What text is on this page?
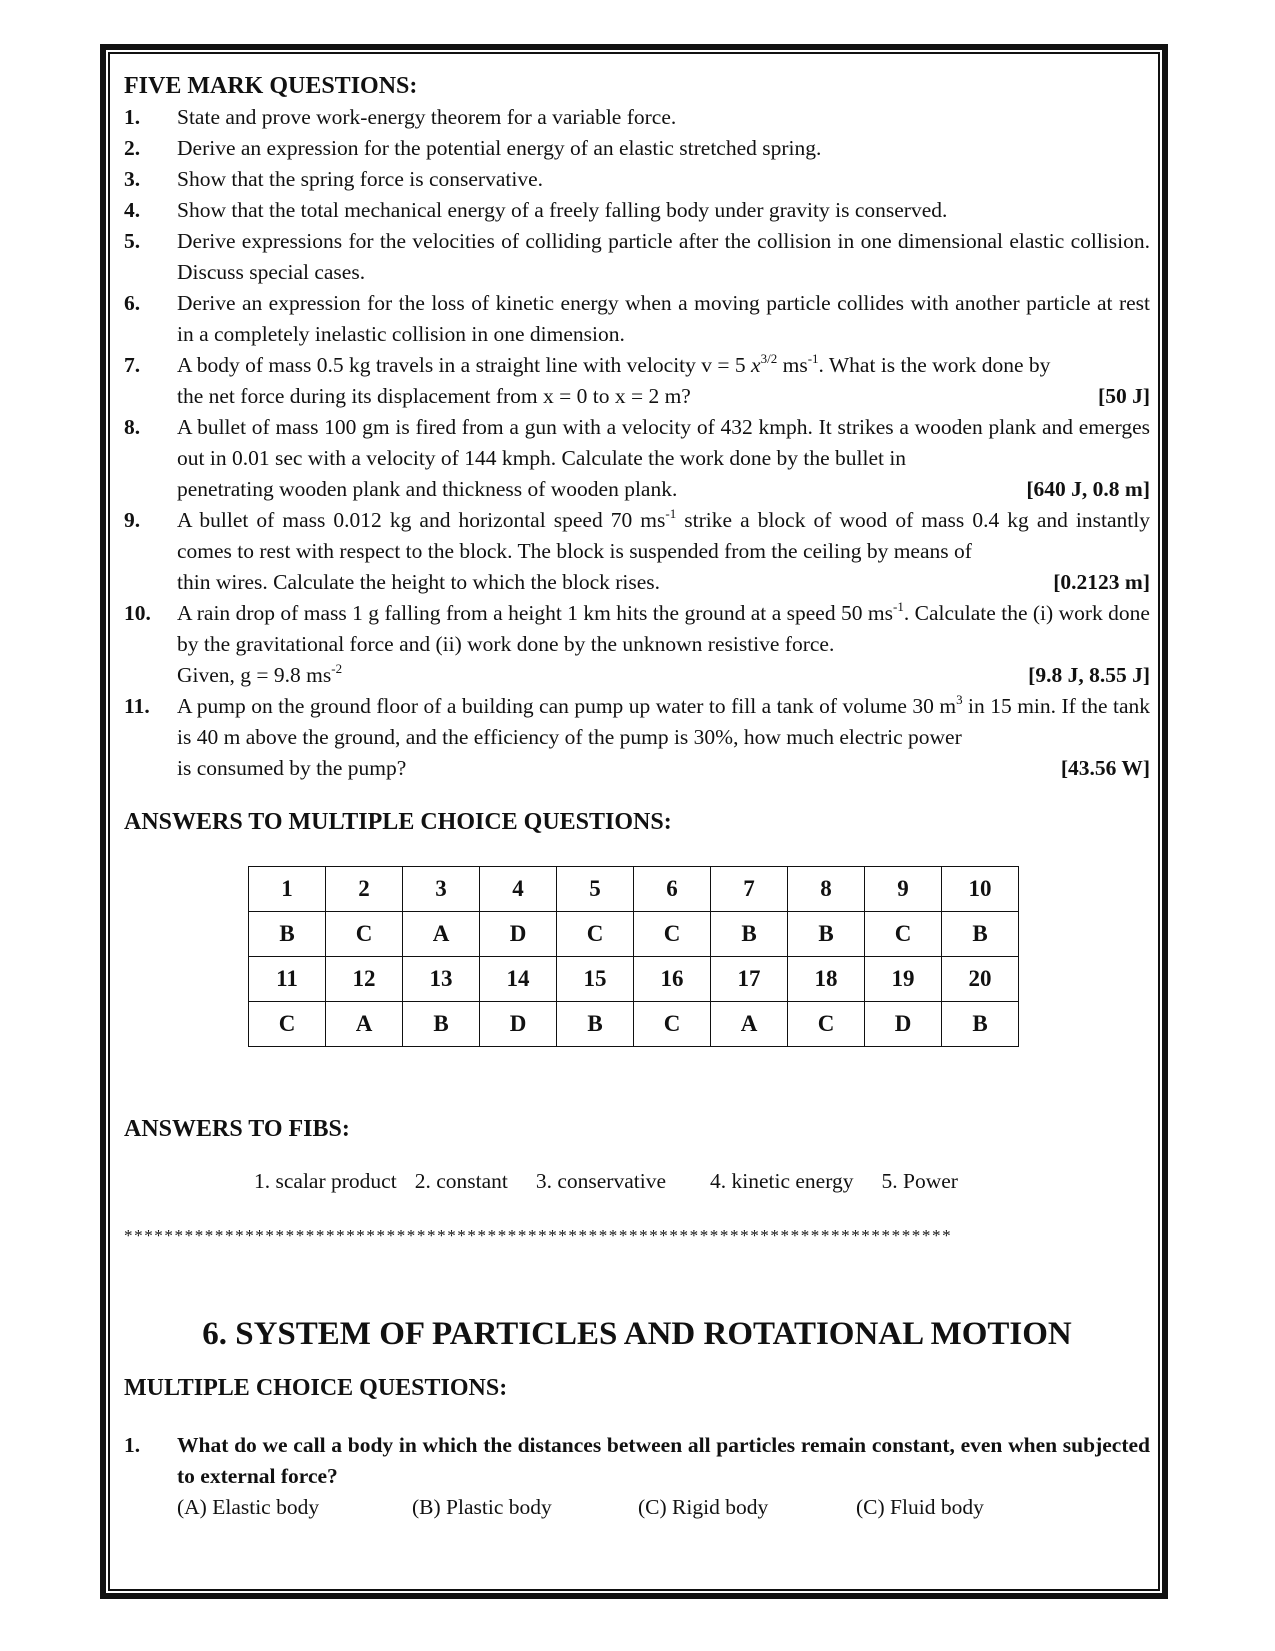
FIVE MARK QUESTIONS:
1. State and prove work-energy theorem for a variable force.
2. Derive an expression for the potential energy of an elastic stretched spring.
3. Show that the spring force is conservative.
4. Show that the total mechanical energy of a freely falling body under gravity is conserved.
5. Derive expressions for the velocities of colliding particle after the collision in one dimensional elastic collision. Discuss special cases.
6. Derive an expression for the loss of kinetic energy when a moving particle collides with another particle at rest in a completely inelastic collision in one dimension.
7. A body of mass 0.5 kg travels in a straight line with velocity v = 5 $x^{3/2}$ $ms^{-1}$. What is the work done by
the net force during its displacement from x = 0 to x = 2 m?	[50 J]
8. A bullet of mass 100 gm is fired from a gun with a velocity of 432 kmph. It strikes a wooden plank and emerges out in 0.01 sec with a velocity of 144 kmph. Calculate the work done by the bullet in
penetrating wooden plank and thickness of wooden plank.	[640 J, 0.8 m]
9. A bullet of mass 0.012 kg and horizontal speed 70 $ms^{-1}$ strike a block of wood of mass 0.4 kg and instantly comes to rest with respect to the block. The block is suspended from the ceiling by means of
thin wires. Calculate the height to which the block rises.	[0.2123 m]
10. A rain drop of mass 1 g falling from a height 1 km hits the ground at a speed 50 $ms^{-1}$. Calculate the (i) work done by the gravitational force and (ii) work done by the unknown resistive force.
Given, g = 9.8 $ms^{-2}$	[9.8 J, 8.55 J]
11. A pump on the ground floor of a building can pump up water to fill a tank of volume 30 $m^3$ in 15 min. If the tank is 40 m above the ground, and the efficiency of the pump is 30%, how much electric power
is consumed by the pump?	[43.56 W]
ANSWERS TO MULTIPLE CHOICE QUESTIONS:
1	2	3	4	5	6	7	8	9	10
B	C	A	D	C	C	B	B	C	B
11	12	13	14	15	16	17	18	19	20
C	A	B	D	B	C	A	C	D	B
ANSWERS TO FIBS:
1. scalar product 2. constant 3. conservative 4. kinetic energy 5. Power
**********************************************************************************
6. SYSTEM OF PARTICLES AND ROTATIONAL MOTION
MULTIPLE CHOICE QUESTIONS:
1. What do we call a body in which the distances between all particles remain constant, even when subjected to external force?
(A) Elastic body	(B) Plastic body	(C) Rigid body	(C) Fluid body
